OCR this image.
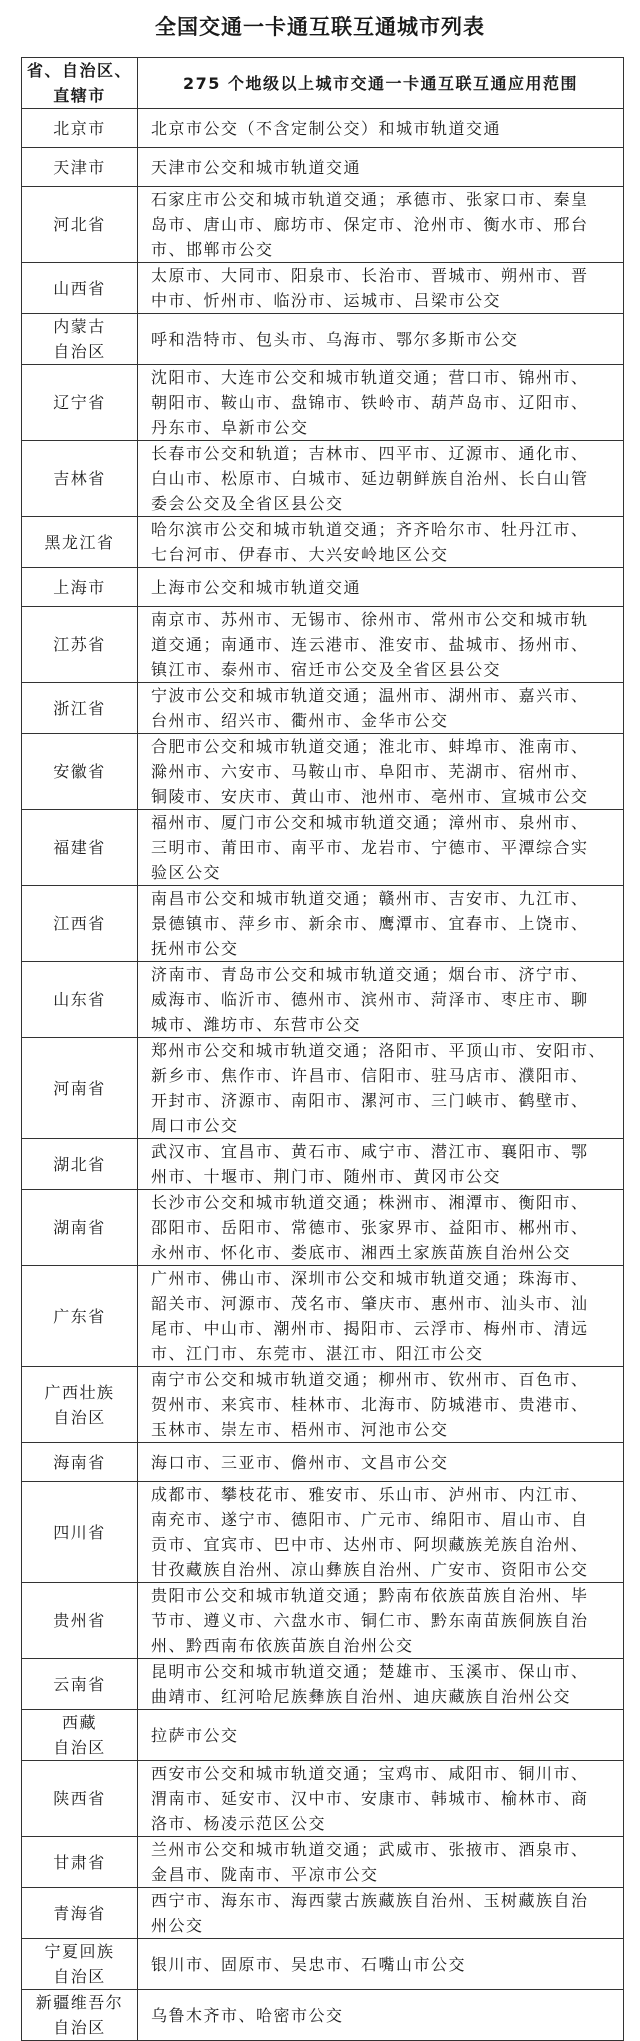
全国交通一卡通互联互通城市列表
省、自治区、
直辖市	275 个地级以上城市交通一卡通互联互通应用范围

北京市	北京市公交（不含定制公交）和城市轨道交通

天津市	天津市公交和城市轨道交通

河北省	石家庄市公交和城市轨道交通；承德市、张家口市、秦皇
岛市、唐山市、廊坊市、保定市、沧州市、衡水市、邢台
市、邯郸市公交

山西省	太原市、大同市、阳泉市、长治市、晋城市、朔州市、晋
中市、忻州市、临汾市、运城市、吕梁市公交

内蒙古
自治区	呼和浩特市、包头市、乌海市、鄂尔多斯市公交

辽宁省	沈阳市、大连市公交和城市轨道交通；营口市、锦州市、
朝阳市、鞍山市、盘锦市、铁岭市、葫芦岛市、辽阳市、
丹东市、阜新市公交

吉林省	长春市公交和轨道；吉林市、四平市、辽源市、通化市、
白山市、松原市、白城市、延边朝鲜族自治州、长白山管
委会公交及全省区县公交

黑龙江省	哈尔滨市公交和城市轨道交通；齐齐哈尔市、牡丹江市、
七台河市、伊春市、大兴安岭地区公交

上海市	上海市公交和城市轨道交通

江苏省	南京市、苏州市、无锡市、徐州市、常州市公交和城市轨
道交通；南通市、连云港市、淮安市、盐城市、扬州市、
镇江市、泰州市、宿迁市公交及全省区县公交

浙江省	宁波市公交和城市轨道交通；温州市、湖州市、嘉兴市、
台州市、绍兴市、衢州市、金华市公交

安徽省	合肥市公交和城市轨道交通；淮北市、蚌埠市、淮南市、
滁州市、六安市、马鞍山市、阜阳市、芜湖市、宿州市、
铜陵市、安庆市、黄山市、池州市、亳州市、宣城市公交

福建省	福州市、厦门市公交和城市轨道交通；漳州市、泉州市、
三明市、莆田市、南平市、龙岩市、宁德市、平潭综合实
验区公交

江西省	南昌市公交和城市轨道交通；赣州市、吉安市、九江市、
景德镇市、萍乡市、新余市、鹰潭市、宜春市、上饶市、
抚州市公交

山东省	济南市、青岛市公交和城市轨道交通；烟台市、济宁市、
威海市、临沂市、德州市、滨州市、菏泽市、枣庄市、聊
城市、潍坊市、东营市公交

河南省	郑州市公交和城市轨道交通；洛阳市、平顶山市、安阳市、
新乡市、焦作市、许昌市、信阳市、驻马店市、濮阳市、
开封市、济源市、南阳市、漯河市、三门峡市、鹤壁市、
周口市公交

湖北省	武汉市、宜昌市、黄石市、咸宁市、潜江市、襄阳市、鄂
州市、十堰市、荆门市、随州市、黄冈市公交

湖南省	长沙市公交和城市轨道交通；株洲市、湘潭市、衡阳市、
邵阳市、岳阳市、常德市、张家界市、益阳市、郴州市、
永州市、怀化市、娄底市、湘西土家族苗族自治州公交

广东省	广州市、佛山市、深圳市公交和城市轨道交通；珠海市、
韶关市、河源市、茂名市、肇庆市、惠州市、汕头市、汕
尾市、中山市、潮州市、揭阳市、云浮市、梅州市、清远
市、江门市、东莞市、湛江市、阳江市公交

广西壮族
自治区	南宁市公交和城市轨道交通；柳州市、钦州市、百色市、
贺州市、来宾市、桂林市、北海市、防城港市、贵港市、
玉林市、崇左市、梧州市、河池市公交

海南省	海口市、三亚市、儋州市、文昌市公交

四川省	成都市、攀枝花市、雅安市、乐山市、泸州市、内江市、
南充市、遂宁市、德阳市、广元市、绵阳市、眉山市、自
贡市、宜宾市、巴中市、达州市、阿坝藏族羌族自治州、
甘孜藏族自治州、凉山彝族自治州、广安市、资阳市公交

贵州省	贵阳市公交和城市轨道交通；黔南布依族苗族自治州、毕
节市、遵义市、六盘水市、铜仁市、黔东南苗族侗族自治
州、黔西南布依族苗族自治州公交

云南省	昆明市公交和城市轨道交通；楚雄市、玉溪市、保山市、
曲靖市、红河哈尼族彝族自治州、迪庆藏族自治州公交

西藏
自治区	拉萨市公交

陕西省	西安市公交和城市轨道交通；宝鸡市、咸阳市、铜川市、
渭南市、延安市、汉中市、安康市、韩城市、榆林市、商
洛市、杨凌示范区公交

甘肃省	兰州市公交和城市轨道交通；武威市、张掖市、酒泉市、
金昌市、陇南市、平凉市公交

青海省	西宁市、海东市、海西蒙古族藏族自治州、玉树藏族自治
州公交

宁夏回族
自治区	银川市、固原市、吴忠市、石嘴山市公交

新疆维吾尔
自治区	乌鲁木齐市、哈密市公交
